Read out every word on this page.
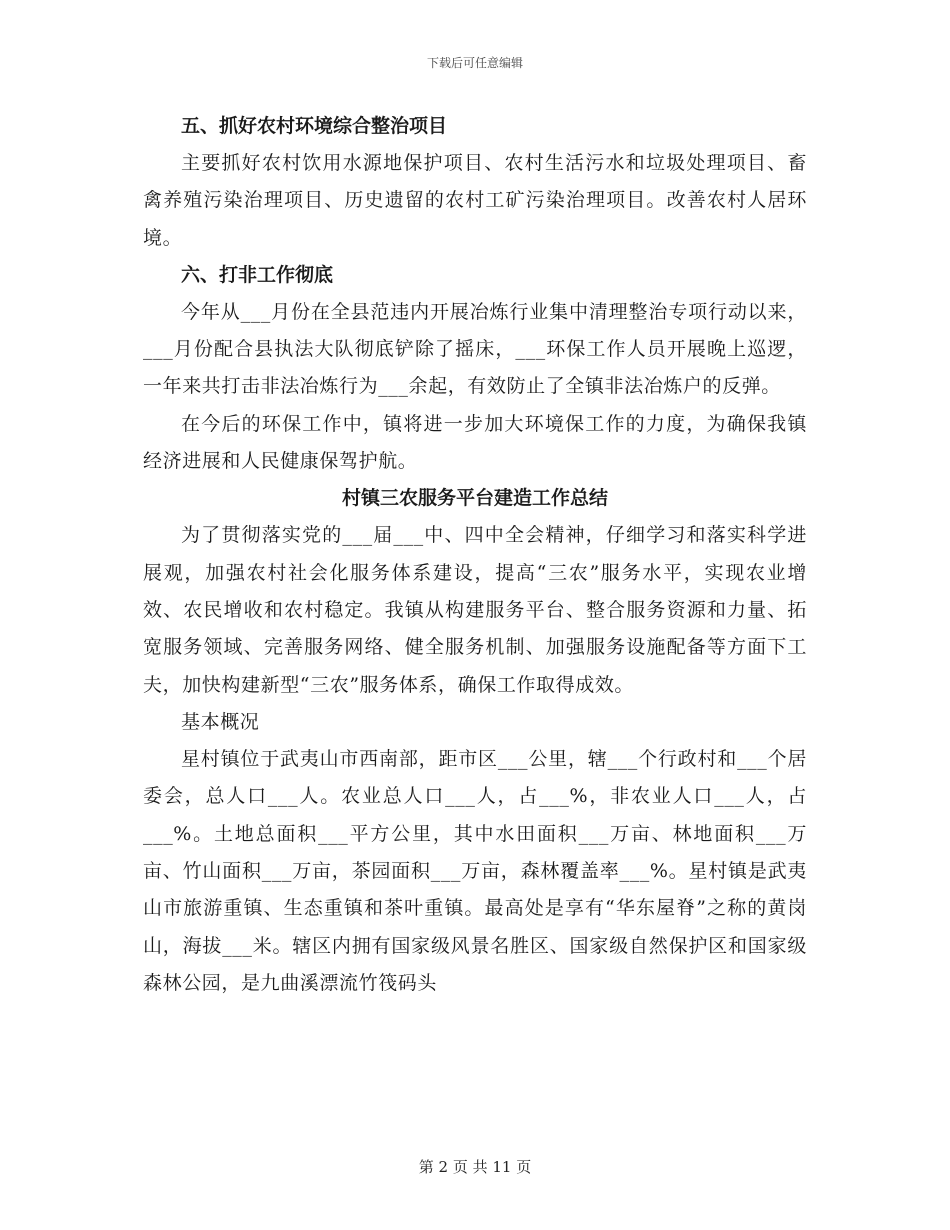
下载后可任意编辑

五、抓好农村环境综合整治项目

主要抓好农村饮用水源地保护项目、农村生活污水和垃圾处理项目、畜禽养殖污染治理项目、历史遗留的农村工矿污染治理项目。改善农村人居环境。

六、打非工作彻底

今年从___月份在全县范违内开展冶炼行业集中清理整治专项行动以来，___月份配合县执法大队彻底铲除了摇床，___环保工作人员开展晚上巡逻，一年来共打击非法冶炼行为___余起，有效防止了全镇非法冶炼户的反弹。

在今后的环保工作中，镇将进一步加大环境保工作的力度，为确保我镇经济进展和人民健康保驾护航。

村镇三农服务平台建造工作总结

为了贯彻落实党的___届___中、四中全会精神，仔细学习和落实科学进展观，加强农村社会化服务体系建设，提高“三农”服务水平，实现农业增效、农民增收和农村稳定。我镇从构建服务平台、整合服务资源和力量、拓宽服务领域、完善服务网络、健全服务机制、加强服务设施配备等方面下工夫，加快构建新型“三农”服务体系，确保工作取得成效。

基本概况

星村镇位于武夷山市西南部，距市区___公里，辖___个行政村和___个居委会，总人口___人。农业总人口___人，占___%，非农业人口___人，占___%。土地总面积___平方公里，其中水田面积___万亩、林地面积___万亩、竹山面积___万亩，茶园面积___万亩，森林覆盖率___%。星村镇是武夷山市旅游重镇、生态重镇和茶叶重镇。最高处是享有“华东屋脊”之称的黄岗山，海拔___米。辖区内拥有国家级风景名胜区、国家级自然保护区和国家级森林公园，是九曲溪漂流竹筏码头

第 2 页 共 11 页
